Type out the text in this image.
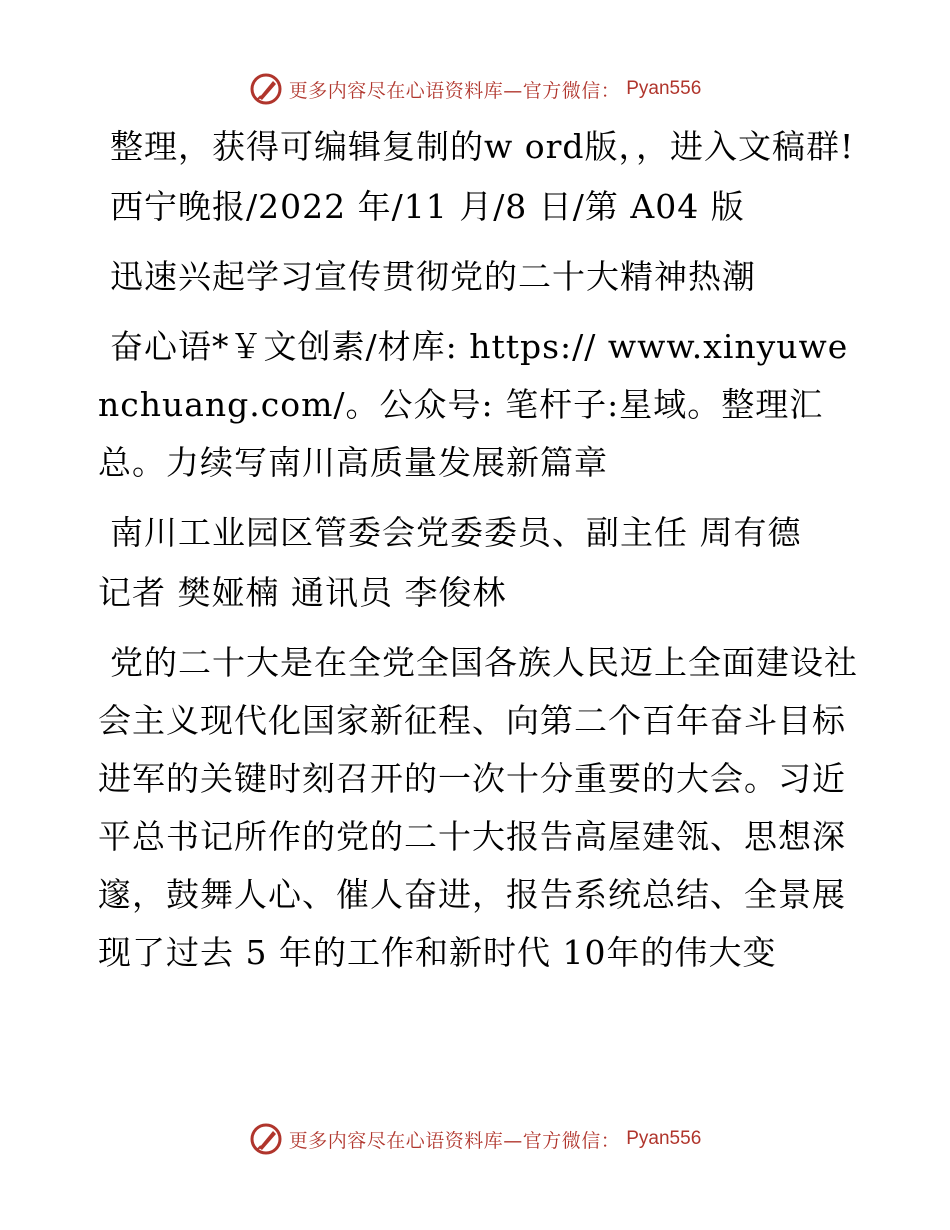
更多内容尽在心语资料库—官方微信： Pyan556

整理，获得可编辑复制的w ord版，，进入文稿群!

西宁晚报/2022 年/11 月/8 日/第 A04 版

迅速兴起学习宣传贯彻党的二十大精神热潮

奋心语*￥文创素/材库: https:// www.xinyuwenchuang.com/。公众号: 笔杆子:星域。整理汇总。力续写南川高质量发展新篇章

南川工业园区管委会党委委员、副主任 周有德

记者 樊娅楠 通讯员 李俊林

党的二十大是在全党全国各族人民迈上全面建设社会主义现代化国家新征程、向第二个百年奋斗目标进军的关键时刻召开的一次十分重要的大会。习近平总书记所作的党的二十大报告高屋建瓴、思想深邃，鼓舞人心、催人奋进，报告系统总结、全景展现了过去 5 年的工作和新时代 10年的伟大变

更多内容尽在心语资料库—官方微信： Pyan556
